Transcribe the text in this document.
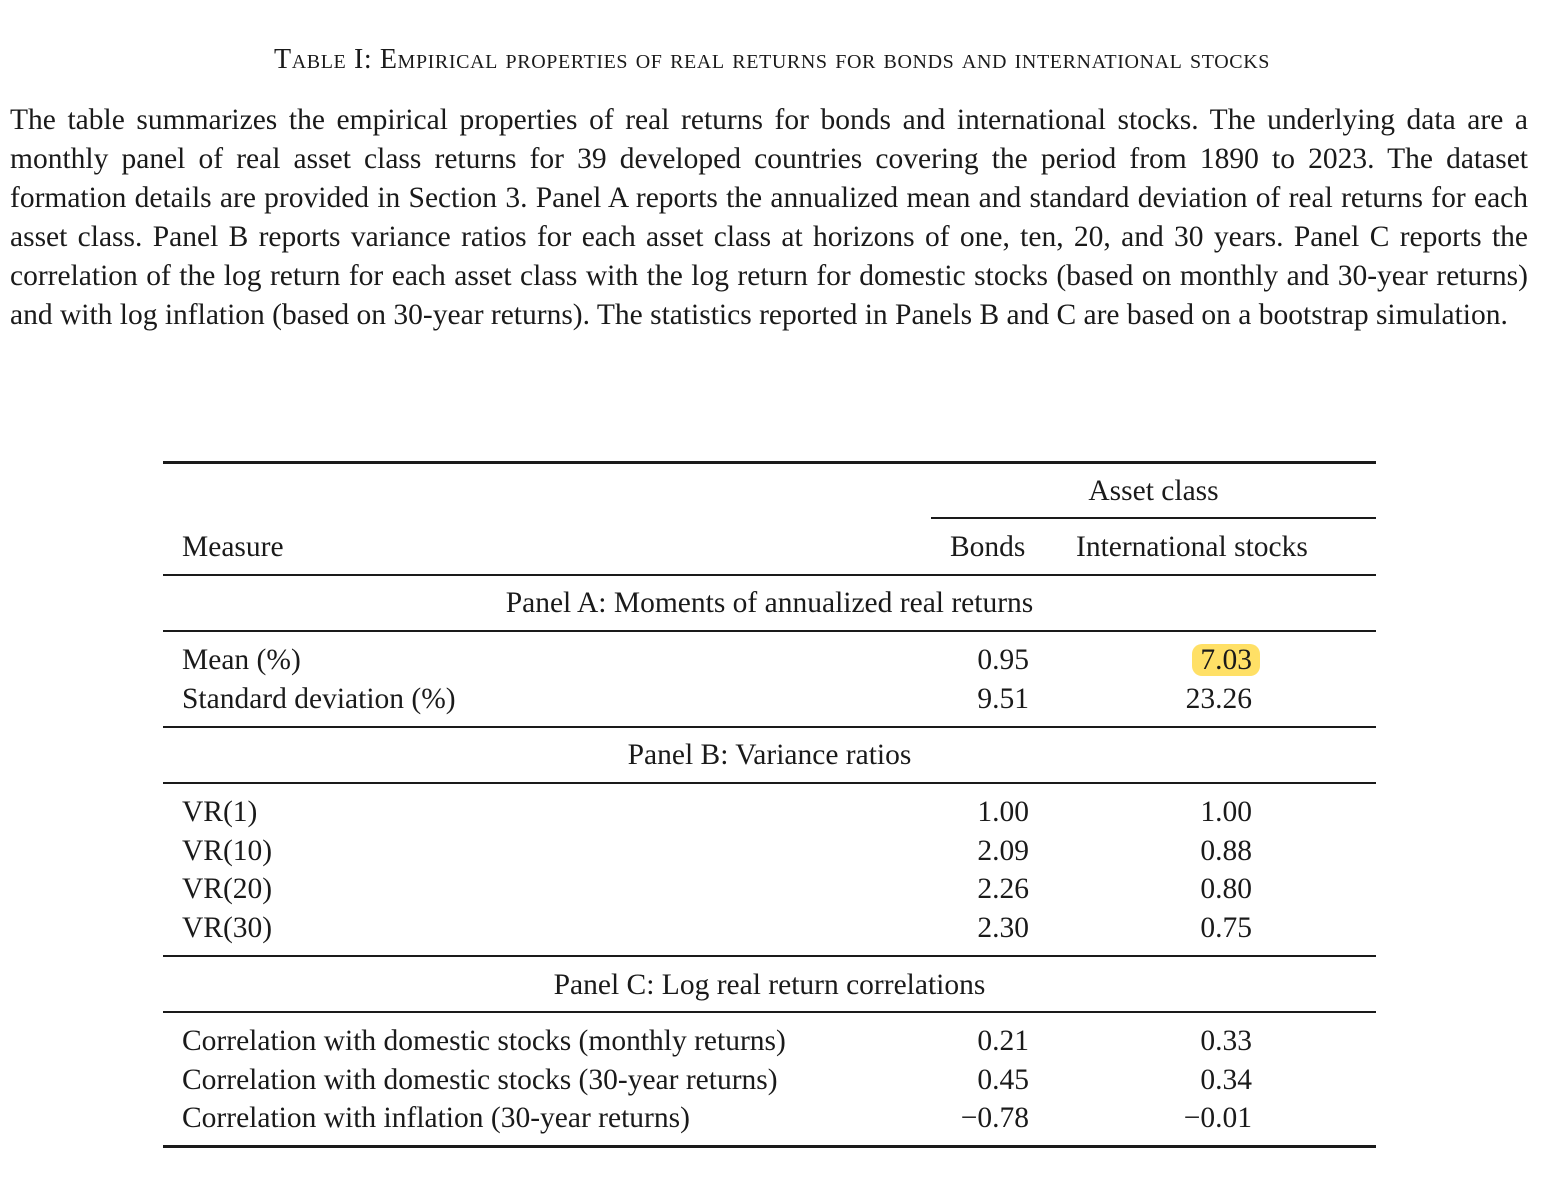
Table I: Empirical properties of real returns for bonds and international stocks
The table summarizes the empirical properties of real returns for bonds and international stocks. The underlying data are a monthly panel of real asset class returns for 39 developed countries covering the period from 1890 to 2023. The dataset formation details are provided in Section 3. Panel A reports the annualized mean and standard deviation of real returns for each asset class. Panel B reports variance ratios for each asset class at horizons of one, ten, 20, and 30 years. Panel C reports the correlation of the log return for each asset class with the log return for domestic stocks (based on monthly and 30-year returns) and with log inflation (based on 30-year returns). The statistics reported in Panels B and C are based on a bootstrap simulation.
Asset class
Measure	Bonds International stocks
Panel A: Moments of annualized real returns
Mean (%)	0.95	7.03
Standard deviation (%)	9.51	23.26
Panel B: Variance ratios
VR(1)	1.00	1.00
VR(10)	2.09	0.88
VR(20)	2.26	0.80
VR(30)	2.30	0.75
Panel C: Log real return correlations
Correlation with domestic stocks (monthly returns)	0.21	0.33
Correlation with domestic stocks (30-year returns)	0.45	0.34
Correlation with inflation (30-year returns)	−0.78	−0.01
